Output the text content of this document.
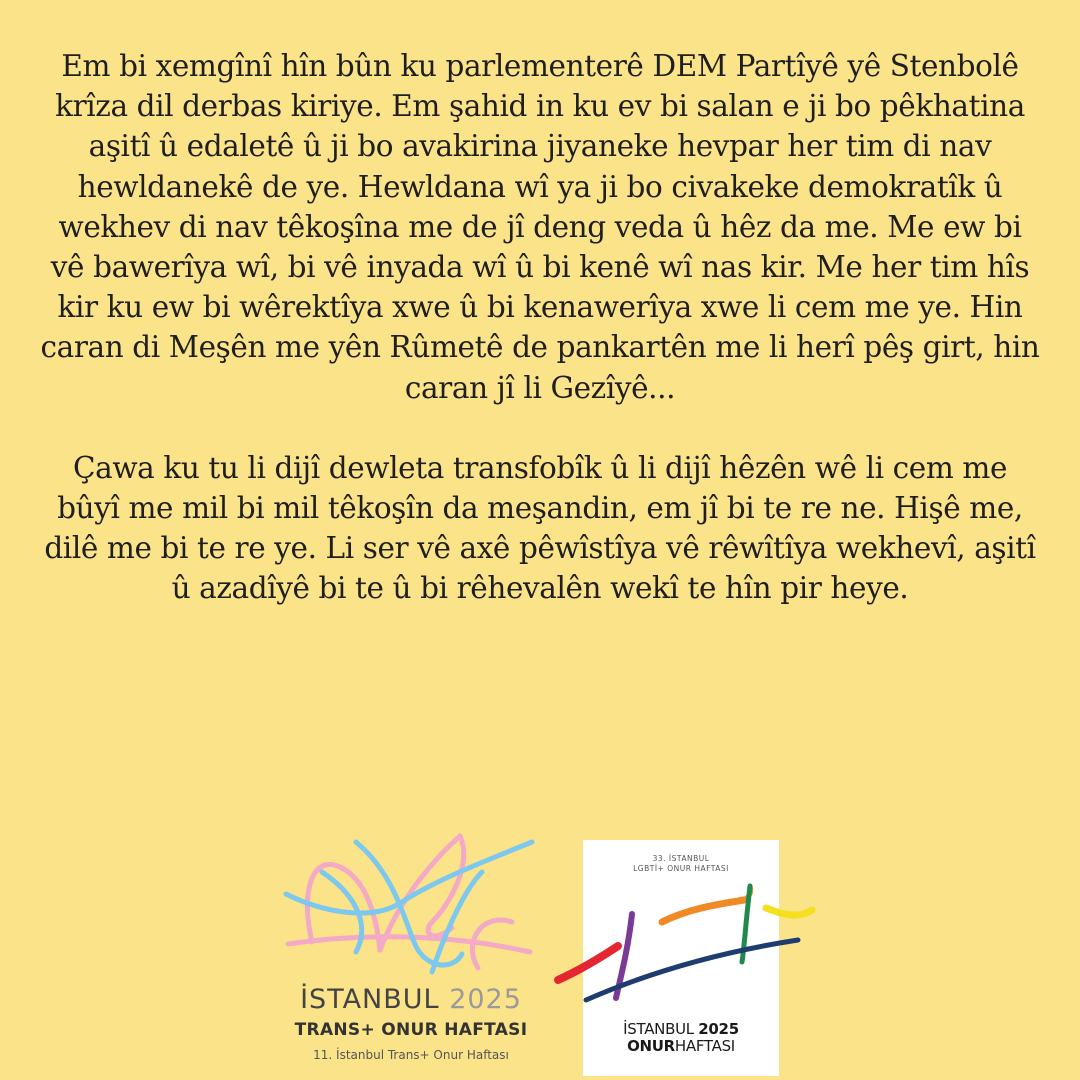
Em bi xemgînî hîn bûn ku parlementerê DEM Partîyê yê Stenbolê krîza dil derbas kiriye. Em şahid in ku ev bi salan e ji bo pêkhatina aşitî û edaletê û ji bo avakirina jiyaneke hevpar her tim di nav hewldanekê de ye. Hewldana wî ya ji bo civakeke demokratîk û wekhev di nav têkoşîna me de jî deng veda û hêz da me. Me ew bi vê bawerîya wî, bi vê inyada wî û bi kenê wî nas kir. Me her tim hîs kir ku ew bi wêrektîya xwe û bi kenawerîya xwe li cem me ye. Hin caran di Meşên me yên Rûmetê de pankartên me li herî pêş girt, hin caran jî li Gezîyê...

Çawa ku tu li dijî dewleta transfobîk û li dijî hêzên wê li cem me bûyî me mil bi mil têkoşîn da meşandin, em jî bi te re ne. Hişê me, dilê me bi te re ye. Li ser vê axê pêwîstîya vê rêwîtîya wekhevî, aşitî û azadîyê bi te û bi rêhevalên wekî te hîn pir heye.

İSTANBUL 2025
TRANS+ ONUR HAFTASI
11. İstanbul Trans+ Onur Haftası
33. İSTANBUL
LGBTİ+ ONUR HAFTASI
İSTANBUL 2025
ONURHAFTASI
